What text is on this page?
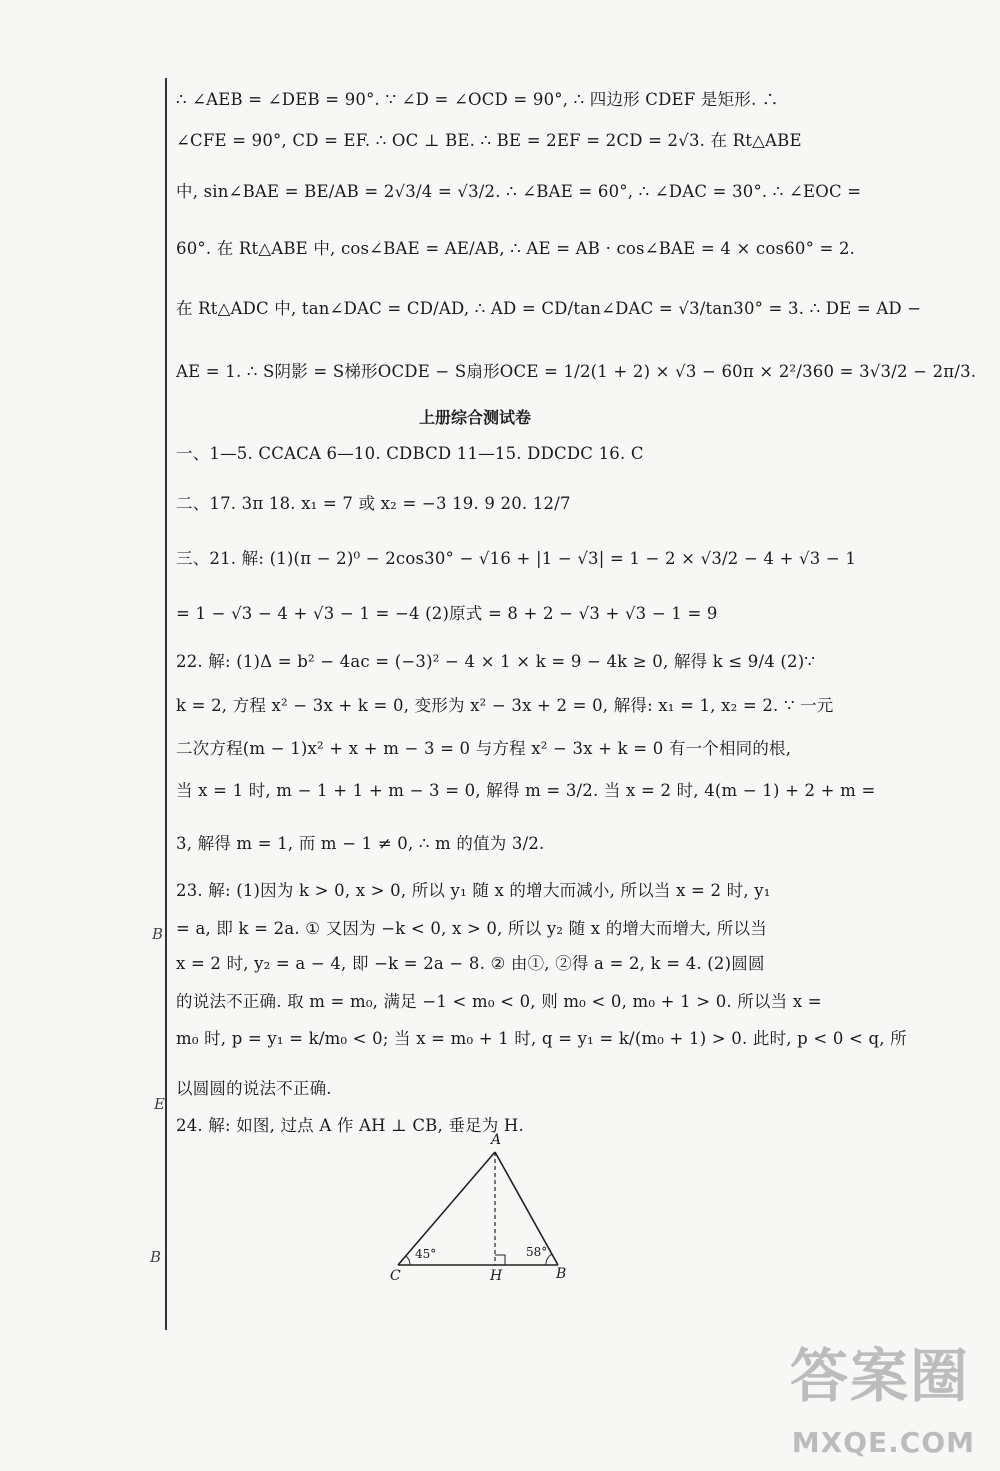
∴ ∠AEB = ∠DEB = 90°. ∵ ∠D = ∠OCD = 90°, ∴ 四边形 CDEF 是矩形. ∴
∠CFE = 90°, CD = EF. ∴ OC ⊥ BE. ∴ BE = 2EF = 2CD = 2√3. 在 Rt△ABE
中, sin∠BAE = BE/AB = 2√3/4 = √3/2. ∴ ∠BAE = 60°, ∴ ∠DAC = 30°. ∴ ∠EOC =
60°. 在 Rt△ABE 中, cos∠BAE = AE/AB, ∴ AE = AB · cos∠BAE = 4 × cos60° = 2.
在 Rt△ADC 中, tan∠DAC = CD/AD, ∴ AD = CD/tan∠DAC = √3/tan30° = 3. ∴ DE = AD −
AE = 1. ∴ S阴影 = S梯形OCDE − S扇形OCE = 1/2(1 + 2) × √3 − 60π × 2²/360 = 3√3/2 − 2π/3.
上册综合测试卷
一、1—5. CCACA 6—10. CDBCD 11—15. DDCDC 16. C
二、17. 3π 18. x₁ = 7 或 x₂ = −3 19. 9 20. 12/7
三、21. 解: (1)(π − 2)⁰ − 2cos30° − √16 + |1 − √3| = 1 − 2 × √3/2 − 4 + √3 − 1
= 1 − √3 − 4 + √3 − 1 = −4 (2)原式 = 8 + 2 − √3 + √3 − 1 = 9
22. 解: (1)Δ = b² − 4ac = (−3)² − 4 × 1 × k = 9 − 4k ≥ 0, 解得 k ≤ 9/4 (2)∵
k = 2, 方程 x² − 3x + k = 0, 变形为 x² − 3x + 2 = 0, 解得: x₁ = 1, x₂ = 2. ∵ 一元
二次方程(m − 1)x² + x + m − 3 = 0 与方程 x² − 3x + k = 0 有一个相同的根,
当 x = 1 时, m − 1 + 1 + m − 3 = 0, 解得 m = 3/2. 当 x = 2 时, 4(m − 1) + 2 + m =
3, 解得 m = 1, 而 m − 1 ≠ 0, ∴ m 的值为 3/2.
23. 解: (1)因为 k > 0, x > 0, 所以 y₁ 随 x 的增大而减小, 所以当 x = 2 时, y₁
= a, 即 k = 2a. ① 又因为 −k < 0, x > 0, 所以 y₂ 随 x 的增大而增大, 所以当
x = 2 时, y₂ = a − 4, 即 −k = 2a − 8. ② 由①, ②得 a = 2, k = 4. (2)圆圆
的说法不正确. 取 m = m₀, 满足 −1 < m₀ < 0, 则 m₀ < 0, m₀ + 1 > 0. 所以当 x =
m₀ 时, p = y₁ = k/m₀ < 0; 当 x = m₀ + 1 时, q = y₁ = k/(m₀ + 1) > 0. 此时, p < 0 < q, 所
以圆圆的说法不正确.
24. 解: 如图, 过点 A 作 AH ⊥ CB, 垂足为 H.
A
C	H	B
45°	58°
B
E
B
答案圈
MXQE.COM
